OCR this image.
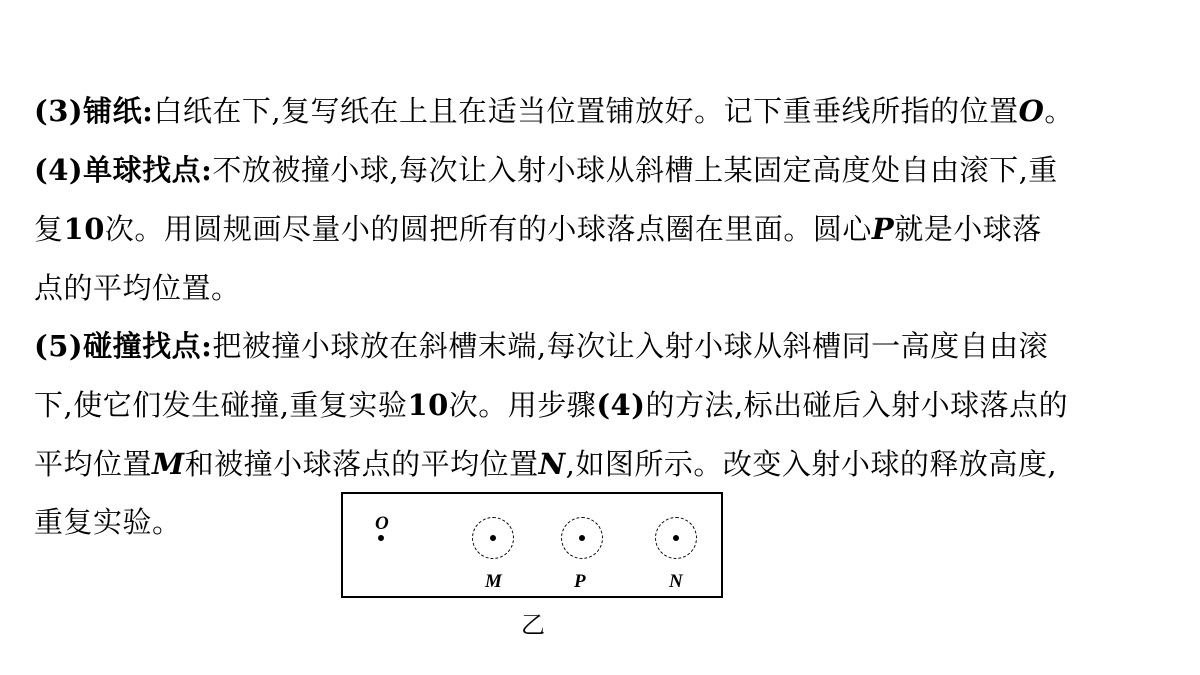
(3)铺纸:白纸在下,复写纸在上且在适当位置铺放好。记下重垂线所指的位置O。
(4)单球找点:不放被撞小球,每次让入射小球从斜槽上某固定高度处自由滚下,重
复10次。用圆规画尽量小的圆把所有的小球落点圈在里面。圆心P就是小球落
点的平均位置。
(5)碰撞找点:把被撞小球放在斜槽末端,每次让入射小球从斜槽同一高度自由滚
下,使它们发生碰撞,重复实验10次。用步骤(4)的方法,标出碰后入射小球落点的
平均位置M和被撞小球落点的平均位置N,如图所示。改变入射小球的释放高度,
重复实验。	O
M	P	N
乙
